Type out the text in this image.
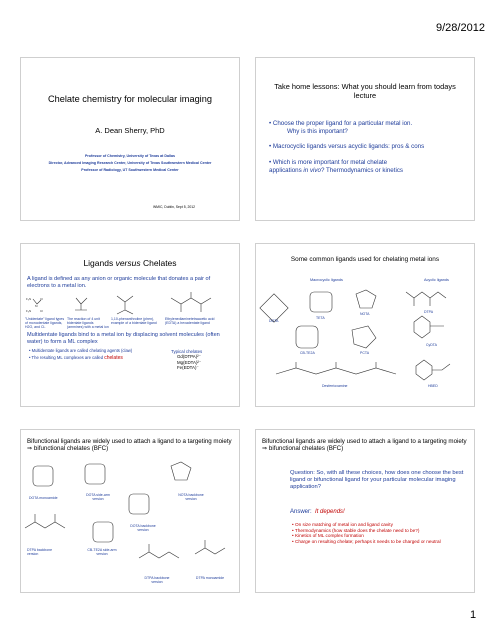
9/28/2012
Chelate chemistry for molecular imaging
A. Dean Sherry, PhD
Professor of Chemistry, University of Texas at Dallas
Director, Advanced Imaging Research Center, University of Texas Southwestern Medical Center
Professor of Radiology, UT Southwestern Medical Center
WMIC, Dublin, Sept 5, 2012
Take home lessons: What you should learn from todays lecture
• Choose the proper ligand for a particular metal ion.
Why is this important?
• Macrocyclic ligands versus acyclic ligands: pros & cons
• Which is more important for metal chelate
applications in vivo? Thermodynamics or kinetics
Ligands versus Chelates
A ligand is defined as any anion or organic molecule that donates a pair of electrons to a metal ion.
F₃N	Cl
M
F₃N	Cl
"Unidentate" ligand types of monodentate ligands, H2O, and Cl-
The reaction of 4 unit bidentate ligands (ammines) with a metal ion
1,10-phenanthroline (phen), example of a bidentate ligand
Ethylenediaminetetraacetic acid (EDTA) a hexadentate ligand
Multidentate ligands bind to a metal ion by displacing solvent molecules (often water) to form a ML complex
• Multidentate ligands are called chelating agents (claw)
• The resulting ML complexes are called chelates
Typical chelates
Gd(DTPA)²⁻
Mg(EDTA)²⁻
Fe(EDTA)⁻
Some common ligands used for chelating metal ions
Macrocyclic ligands	Acyclic ligands
DOTA
TETA
NOTA
CB-TE2A	PCTA
DTPA
CyDTA
Desferrioxamine	HBED
Bifunctional ligands are widely used to attach a ligand to a targeting moiety ⇒ bifunctional chelates (BFC)
DOTA monoamide
DOTA side-arm version
NOTA backbone version
DOTA backbone version
DTPA backbone version
CB-TE2A side-arm version
DTPA backbone version
DTPA monoamide
Bifunctional ligands are widely used to attach a ligand to a targeting moiety ⇒ bifunctional chelates (BFC)
Question: So, with all these choices, how does one choose the best ligand or bifunctional ligand for your particular molecular imaging application?
Answer: It depends!
• On size matching of metal ion and ligand cavity
• Thermodynamics (how stable does the chelate need to be?)
• Kinetics of ML complex formation
• Charge on resulting chelate; perhaps it needs to be charged or neutral
1
